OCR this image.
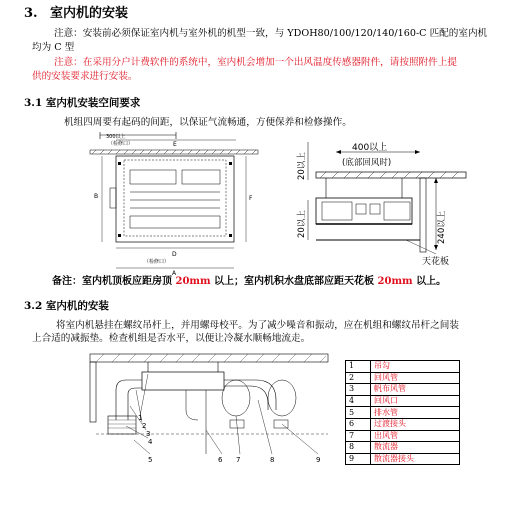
3. 室内机的安装
注意：安装前必须保证室内机与室外机的机型一致，与 YDOH80/100/120/140/160-C 匹配的室内机
均为 C 型
注意：在采用分户计费软件的系统中，室内机会增加一个出风温度传感器附件，请按照附件上提
供的安装要求进行安装。
3.1 室内机安装空间要求
机组四周要有起码的间距，以保证气流畅通，方便保养和检修操作。
300以上
（检修口）	E
B	F
D
（检修口）
A
400以上
(底部回风时)
20以上
20以上	240以上
天花板
备注：室内机顶板应距房顶 20mm 以上；室内机积水盘底部应距天花板 20mm 以上。
3.2 室内机的安装
将室内机悬挂在螺纹吊杆上，并用螺母校平。为了减少噪音和振动，应在机组和螺纹吊杆之间装
上合适的减振垫。检查机组是否水平，以便让冷凝水顺畅地流走。
1
2
3
4
5	6 7	8	9
1	吊勾
2	回风管
3	帆布风管
4	回风口
5	排水管
6	过渡接头
7	出风管
8	散流器
9	散流器接头
